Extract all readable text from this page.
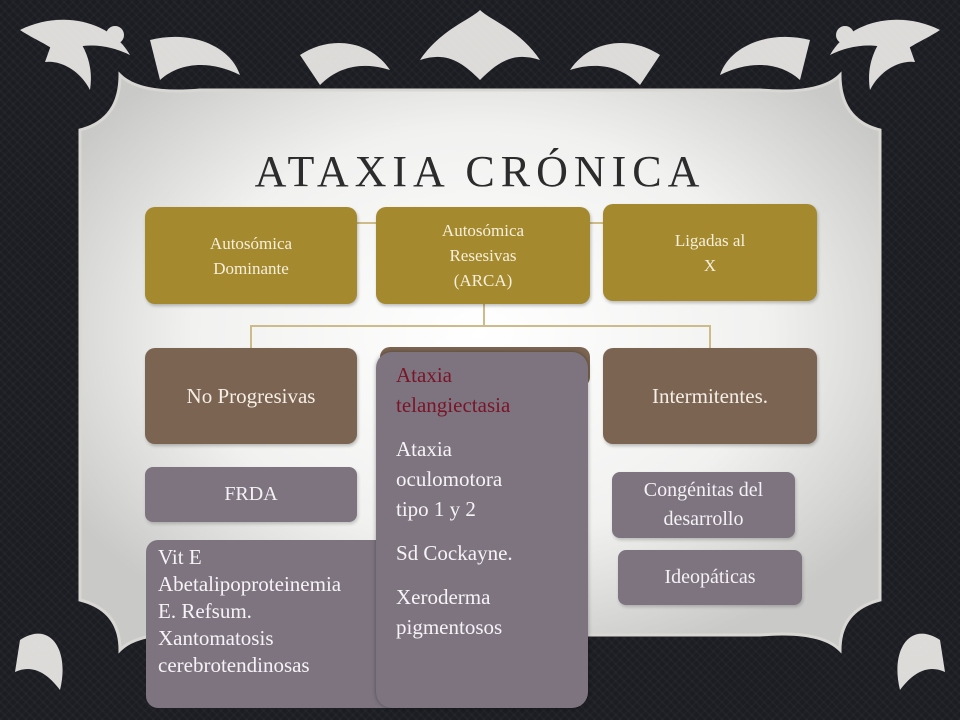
ATAXIA CRÓNICA
Autosómica
Dominante
Autosómica
Resesivas
(ARCA)
Ligadas al
X
No Progresivas	Intermitentes.
FRDA
Vit E
Abetalipoproteinemia
E. Refsum.
Xantomatosis
cerebrotendinosas
Ataxia
telangiectasia
Ataxia
oculomotora
tipo 1 y 2
Sd Cockayne.
Xeroderma
pigmentosos
Congénitas del
desarrollo
Ideopáticas
